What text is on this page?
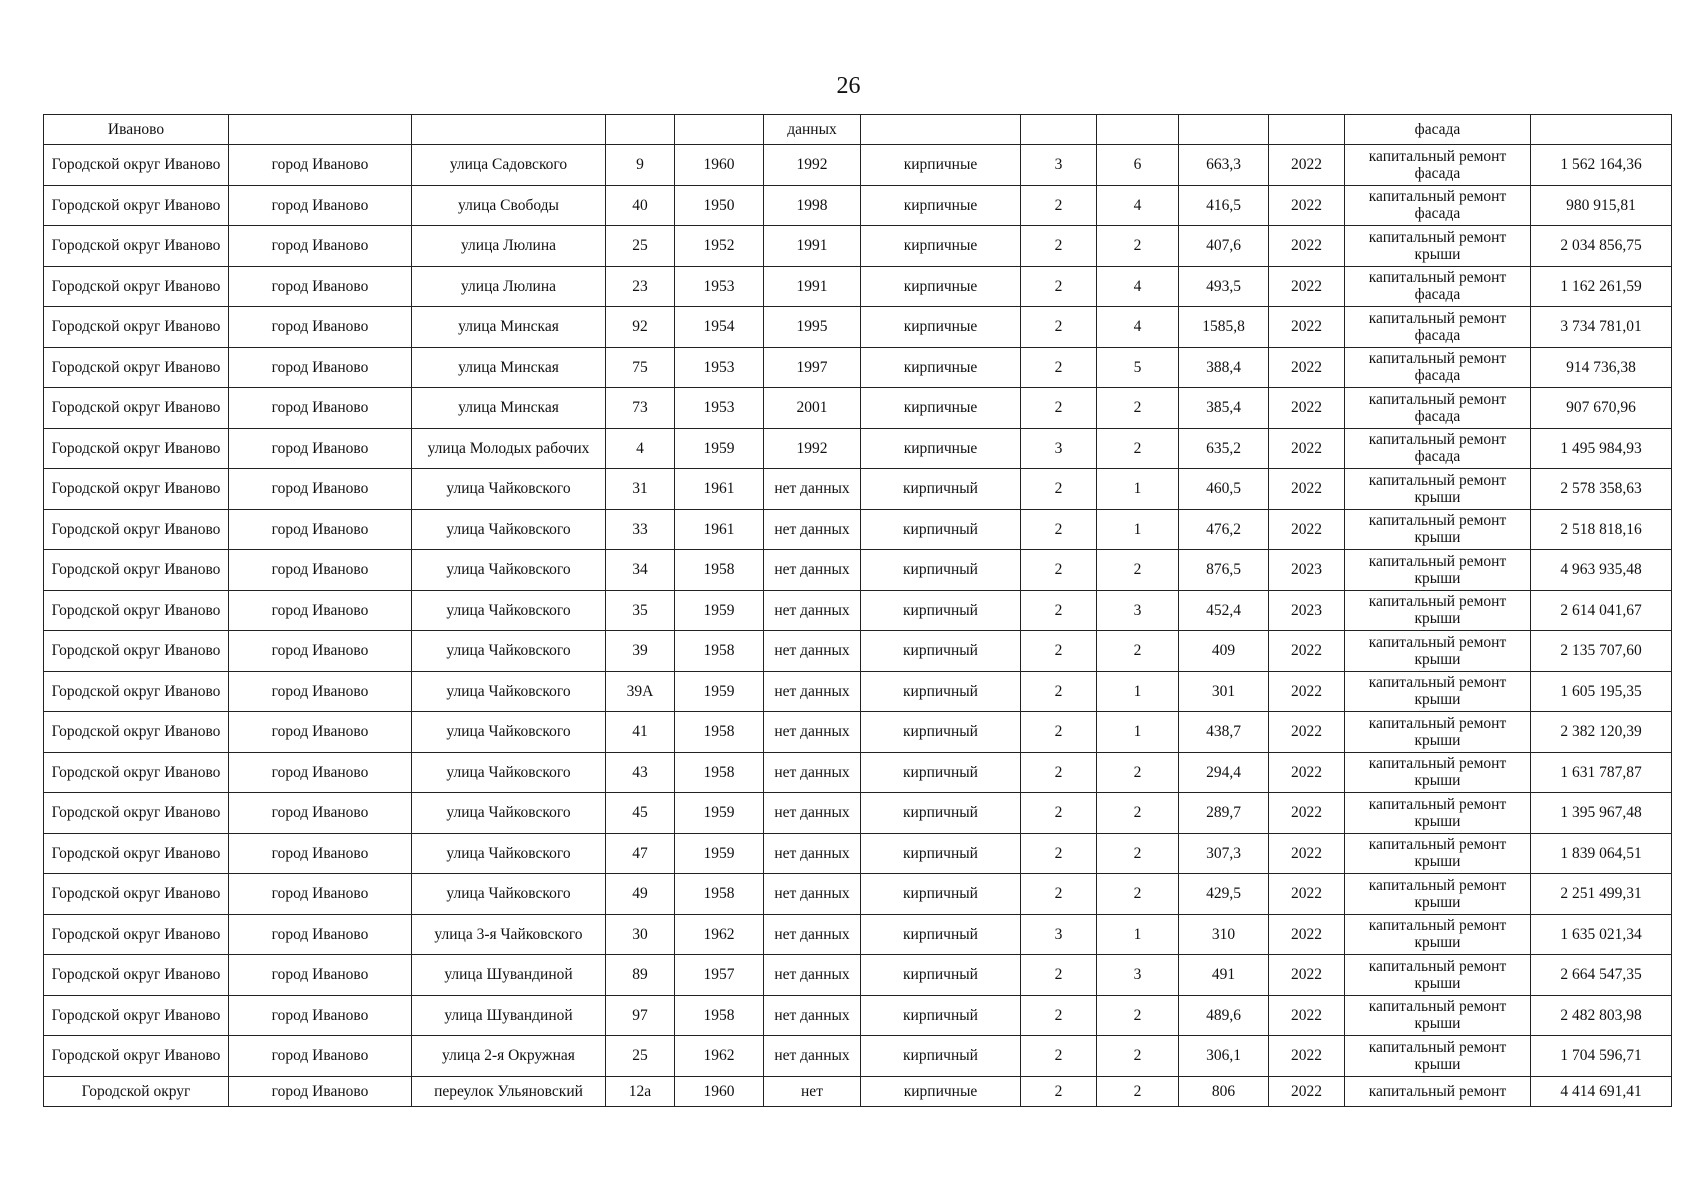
26
Иваново					данных						фасада	
Городской округ Иваново	город Иваново	улица Садовского	9	1960	1992	кирпичные	3	6	663,3	2022	капитальный ремонт фасада	1 562 164,36
Городской округ Иваново	город Иваново	улица Свободы	40	1950	1998	кирпичные	2	4	416,5	2022	капитальный ремонт фасада	980 915,81
Городской округ Иваново	город Иваново	улица Люлина	25	1952	1991	кирпичные	2	2	407,6	2022	капитальный ремонт крыши	2 034 856,75
Городской округ Иваново	город Иваново	улица Люлина	23	1953	1991	кирпичные	2	4	493,5	2022	капитальный ремонт фасада	1 162 261,59
Городской округ Иваново	город Иваново	улица Минская	92	1954	1995	кирпичные	2	4	1585,8	2022	капитальный ремонт фасада	3 734 781,01
Городской округ Иваново	город Иваново	улица Минская	75	1953	1997	кирпичные	2	5	388,4	2022	капитальный ремонт фасада	914 736,38
Городской округ Иваново	город Иваново	улица Минская	73	1953	2001	кирпичные	2	2	385,4	2022	капитальный ремонт фасада	907 670,96
Городской округ Иваново	город Иваново	улица Молодых рабочих	4	1959	1992	кирпичные	3	2	635,2	2022	капитальный ремонт фасада	1 495 984,93
Городской округ Иваново	город Иваново	улица Чайковского	31	1961	нет данных	кирпичный	2	1	460,5	2022	капитальный ремонт крыши	2 578 358,63
Городской округ Иваново	город Иваново	улица Чайковского	33	1961	нет данных	кирпичный	2	1	476,2	2022	капитальный ремонт крыши	2 518 818,16
Городской округ Иваново	город Иваново	улица Чайковского	34	1958	нет данных	кирпичный	2	2	876,5	2023	капитальный ремонт крыши	4 963 935,48
Городской округ Иваново	город Иваново	улица Чайковского	35	1959	нет данных	кирпичный	2	3	452,4	2023	капитальный ремонт крыши	2 614 041,67
Городской округ Иваново	город Иваново	улица Чайковского	39	1958	нет данных	кирпичный	2	2	409	2022	капитальный ремонт крыши	2 135 707,60
Городской округ Иваново	город Иваново	улица Чайковского	39А	1959	нет данных	кирпичный	2	1	301	2022	капитальный ремонт крыши	1 605 195,35
Городской округ Иваново	город Иваново	улица Чайковского	41	1958	нет данных	кирпичный	2	1	438,7	2022	капитальный ремонт крыши	2 382 120,39
Городской округ Иваново	город Иваново	улица Чайковского	43	1958	нет данных	кирпичный	2	2	294,4	2022	капитальный ремонт крыши	1 631 787,87
Городской округ Иваново	город Иваново	улица Чайковского	45	1959	нет данных	кирпичный	2	2	289,7	2022	капитальный ремонт крыши	1 395 967,48
Городской округ Иваново	город Иваново	улица Чайковского	47	1959	нет данных	кирпичный	2	2	307,3	2022	капитальный ремонт крыши	1 839 064,51
Городской округ Иваново	город Иваново	улица Чайковского	49	1958	нет данных	кирпичный	2	2	429,5	2022	капитальный ремонт крыши	2 251 499,31
Городской округ Иваново	город Иваново	улица 3-я Чайковского	30	1962	нет данных	кирпичный	3	1	310	2022	капитальный ремонт крыши	1 635 021,34
Городской округ Иваново	город Иваново	улица Шувандиной	89	1957	нет данных	кирпичный	2	3	491	2022	капитальный ремонт крыши	2 664 547,35
Городской округ Иваново	город Иваново	улица Шувандиной	97	1958	нет данных	кирпичный	2	2	489,6	2022	капитальный ремонт крыши	2 482 803,98
Городской округ Иваново	город Иваново	улица 2-я Окружная	25	1962	нет данных	кирпичный	2	2	306,1	2022	капитальный ремонт крыши	1 704 596,71
Городской округ	город Иваново	переулок Ульяновский	12а	1960	нет	кирпичные	2	2	806	2022	капитальный ремонт	4 414 691,41
